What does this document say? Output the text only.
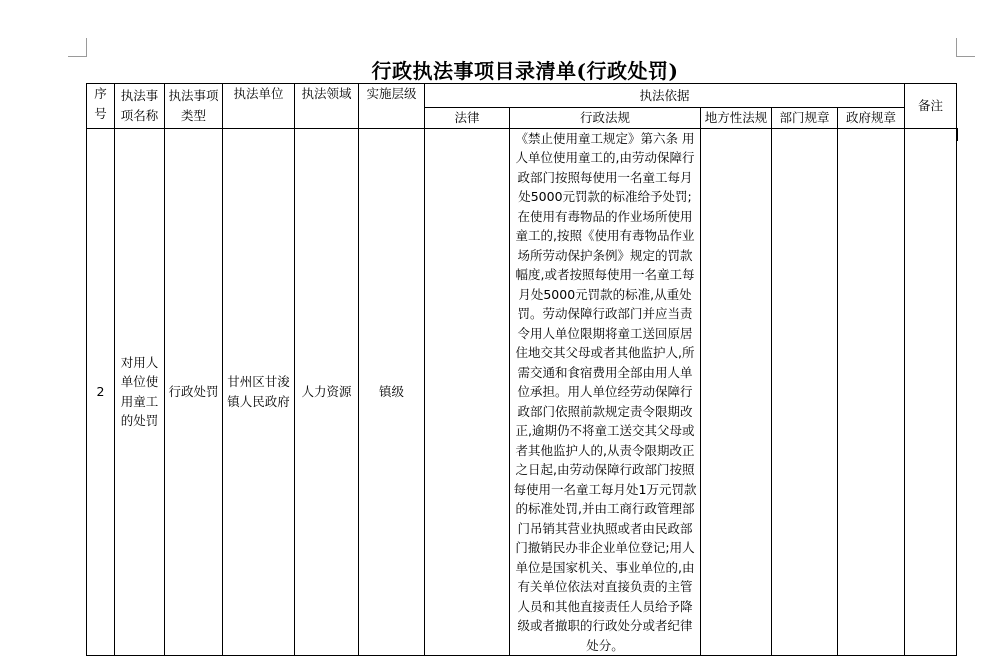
行政执法事项目录清单(行政处罚)
序号	执法事项名称	执法事项类型	执法单位	执法领域	实施层级	执法依据					备注
						法律	行政法规	地方性法规	部门规章	政府规章	
2	对用人单位使用童工的处罚	行政处罚	甘州区甘浚镇人民政府	人力资源	镇级		《禁止使用童工规定》第六条 用人单位使用童工的,由劳动保障行政部门按照每使用一名童工每月处5000元罚款的标准给予处罚;在使用有毒物品的作业场所使用童工的,按照《使用有毒物品作业场所劳动保护条例》规定的罚款幅度,或者按照每使用一名童工每月处5000元罚款的标准,从重处罚。劳动保障行政部门并应当责令用人单位限期将童工送回原居住地交其父母或者其他监护人,所需交通和食宿费用全部由用人单位承担。用人单位经劳动保障行政部门依照前款规定责令限期改正,逾期仍不将童工送交其父母或者其他监护人的,从责令限期改正之日起,由劳动保障行政部门按照每使用一名童工每月处1万元罚款的标准处罚,并由工商行政管理部门吊销其营业执照或者由民政部门撤销民办非企业单位登记;用人单位是国家机关、事业单位的,由有关单位依法对直接负责的主管人员和其他直接责任人员给予降级或者撤职的行政处分或者纪律处分。				
